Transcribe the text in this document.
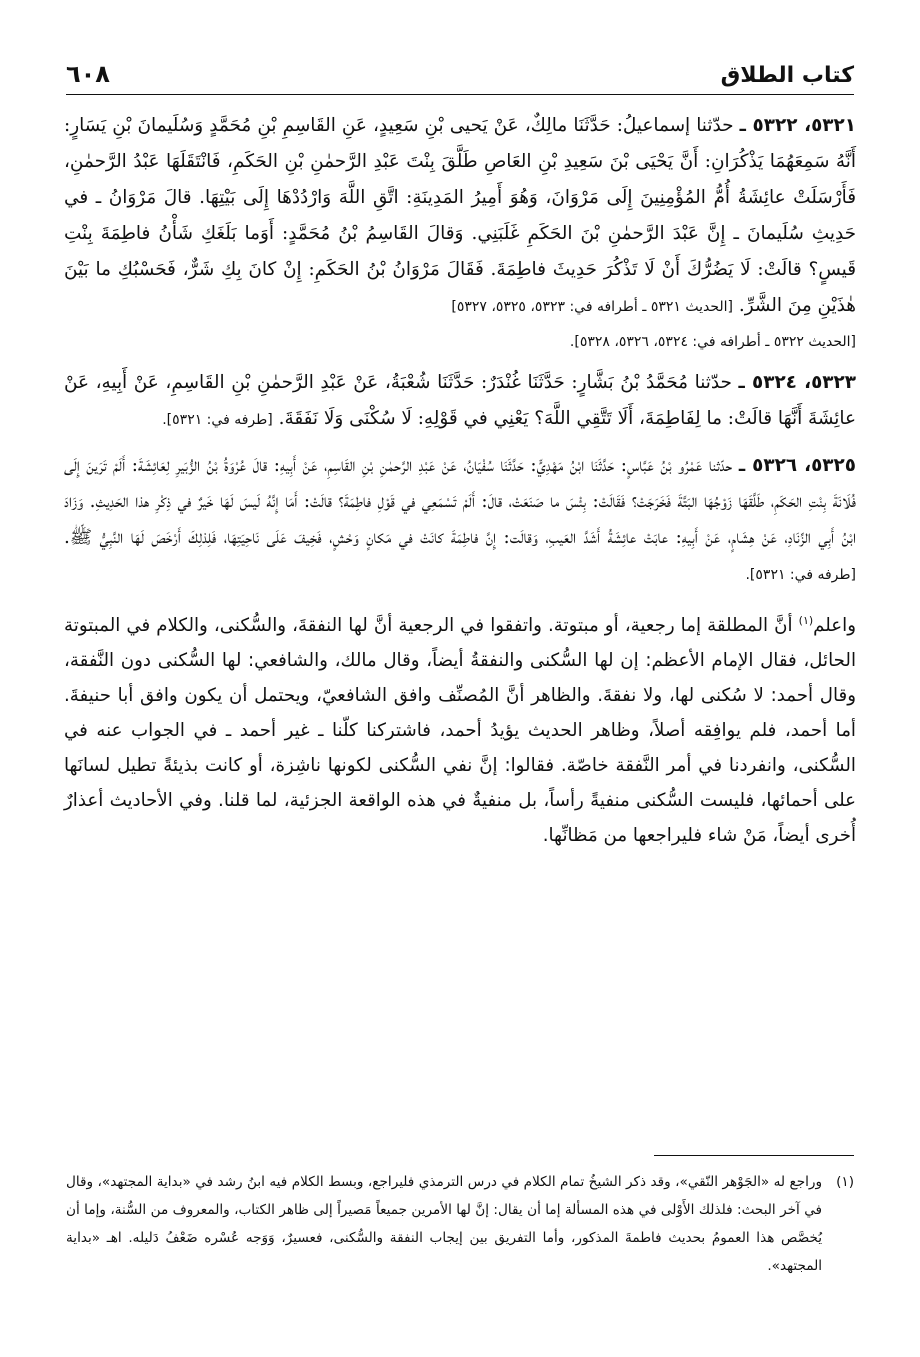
كتاب الطلاق
٦٠٨

٥٣٢١، ٥٣٢٢ ـ حدّثنا إسماعيلُ: حَدَّثَنَا مالِكٌ، عَنْ يَحيى بْنِ سَعِيدٍ، عَنِ القَاسِمِ بْنِ مُحَمَّدٍ وَسُلَيمانَ بْنِ يَسَارٍ: أَنَّهُ سَمِعَهُمَا يَذْكُرَانِ: أَنَّ يَحْيَى بْنَ سَعِيدِ بْنِ العَاصِ طَلَّقَ بِنْتَ عَبْدِ الرَّحمٰنِ بْنِ الحَكَمِ، فَانْتَقَلَهَا عَبْدُ الرَّحمٰنِ، فَأَرْسَلَتْ عائِشَةُ أُمُّ المُؤْمِنِينَ إِلَى مَرْوَانَ، وَهُوَ أَمِيرُ المَدِينَةِ: اتَّقِ اللَّهَ وَارْدُدْهَا إِلَى بَيْتِهَا. قالَ مَرْوَانُ ـ في حَدِيثِ سُلَيمانَ ـ إِنَّ عَبْدَ الرَّحمٰنِ بْنَ الحَكَمِ غَلَبَنِي. وَقالَ القَاسِمُ بْنُ مُحَمَّدٍ: أَوَما بَلَغَكِ شَأْنُ فاطِمَةَ بِنْتِ قَيسٍ؟ قالَتْ: لَا يَضُرُّكَ أَنْ لَا تَذْكُرَ حَدِيثَ فاطِمَةَ. فَقَالَ مَرْوَانُ بْنُ الحَكَمِ: إِنْ كانَ بِكِ شَرٌّ، فَحَسْبُكِ ما بَيْنَ هٰذَيْنِ مِنَ الشَّرِّ. [الحديث ٥٣٢١ ـ أطرافه في: ٥٣٢٣، ٥٣٢٥، ٥٣٢٧]

[الحديث ٥٣٢٢ ـ أطرافه في: ٥٣٢٤، ٥٣٢٦، ٥٣٢٨].

٥٣٢٣، ٥٣٢٤ ـ حدّثنا مُحَمَّدُ بْنُ بَشَّارٍ: حَدَّثَنَا غُنْدَرٌ: حَدَّثَنَا شُعْبَةُ، عَنْ عَبْدِ الرَّحمٰنِ بْنِ القَاسِمِ، عَنْ أَبِيهِ، عَنْ عائِشَةَ أَنَّهَا قالَتْ: ما لِفَاطِمَةَ، أَلَا تَتَّقِي اللَّهَ؟ يَعْنِي في قَوْلِهِ: لَا سُكْنَى وَلَا نَفَقَةَ. [طرفه في: ٥٣٢١].

٥٣٢٥، ٥٣٢٦ ـ حدّثنا عَمْرُو بْنُ عَبَّاسٍ: حَدَّثَنَا ابْنُ مَهْدِيٍّ: حَدَّثَنَا سُفْيَانُ، عَنْ عَبْدِ الرَّحمٰنِ بْنِ القَاسِمِ، عَنْ أَبِيهِ: قالَ عُرْوَةُ بْنُ الزُّبَيرِ لِعَائِشَةَ: أَلَمْ تَرَينَ إِلَى فُلَانَةَ بِنْتِ الحَكَمِ، طَلَّقَهَا زَوْجُهَا البَتَّةَ فَخَرَجَتْ؟ فَقَالَتْ: بِئْسَ ما صَنَعَتْ، قالَ: أَلَمْ تَسْمَعِي في قَوْلِ فاطِمَةَ؟ قالَتْ: أَمَا إِنَّهُ لَيسَ لَهَا خَيرٌ في ذِكْرِ هذا الحَدِيثِ. وَزَادَ ابْنُ أَبِي الزِّنَادِ، عَنْ هِشَامٍ، عَنْ أَبِيهِ: عابَتْ عائِشَةُ أَشَدَّ العَيبِ، وَقالَت: إِنَّ فاطِمَةَ كانَتْ في مَكانٍ وَحْشٍ، فَخِيفَ عَلَى نَاحِيَتِهَا، فَلِذلِكَ أَرْخَصَ لَهَا النَّبِيُّ ﷺ. [طرفه في: ٥٣٢١].

واعلم$^{(١)}$ أنَّ المطلقة إما رجعية، أو مبتوتة. واتفقوا في الرجعية أنَّ لها النفقةَ، والسُّكنى، والكلام في المبتوتة الحائل، فقال الإمام الأعظم: إن لها السُّكنى والنفقةُ أيضاً، وقال مالك، والشافعي: لها السُّكنى دون النَّفقة، وقال أحمد: لا سُكنى لها، ولا نفقةَ. والظاهر أنَّ المُصنِّف وافق الشافعيّ، ويحتمل أن يكون وافق أبا حنيفةَ. أما أحمد، فلم يوافِقه أصلاً، وظاهر الحديث يؤيدُ أحمد، فاشتركنا كلّنا ـ غير أحمد ـ في الجواب عنه في السُّكنى، وانفردنا في أمر النَّفقة خاصّة. فقالوا: إنَّ نفي السُّكنى لكونها ناشِزة، أو كانت بذيئةً تطيل لسانَها على أحمائها، فليست السُّكنى منفيةً رأساً، بل منفيةٌ في هذه الواقعة الجزئية، لما قلنا. وفي الأحاديث أعذارٌ أُخرى أيضاً، مَنْ شاء فليراجعها من مَظانِّها.

(١)
وراجع له «الجَوْهر النّقي»، وقد ذكر الشيخُ تمام الكلام في درس الترمذي فليراجع، وبسط الكلام فيه ابنُ رشد في «بداية المجتهد»، وقال في آخر البحث: فلذلك الأَوْلى في هذه المسألة إما أن يقال: إنَّ لها الأمرين جميعاً مَصيراً إلى ظاهر الكتاب، والمعروف من السُّنة، وإما أن يُخصَّص هذا العمومُ بحديث فاطمةَ المذكور، وأما التفريق بين إيجاب النفقة والسُّكنى، فعسيرٌ، وَوَجه عُسْره ضَعْفُ دَليله. اهـ «بداية المجتهد».
